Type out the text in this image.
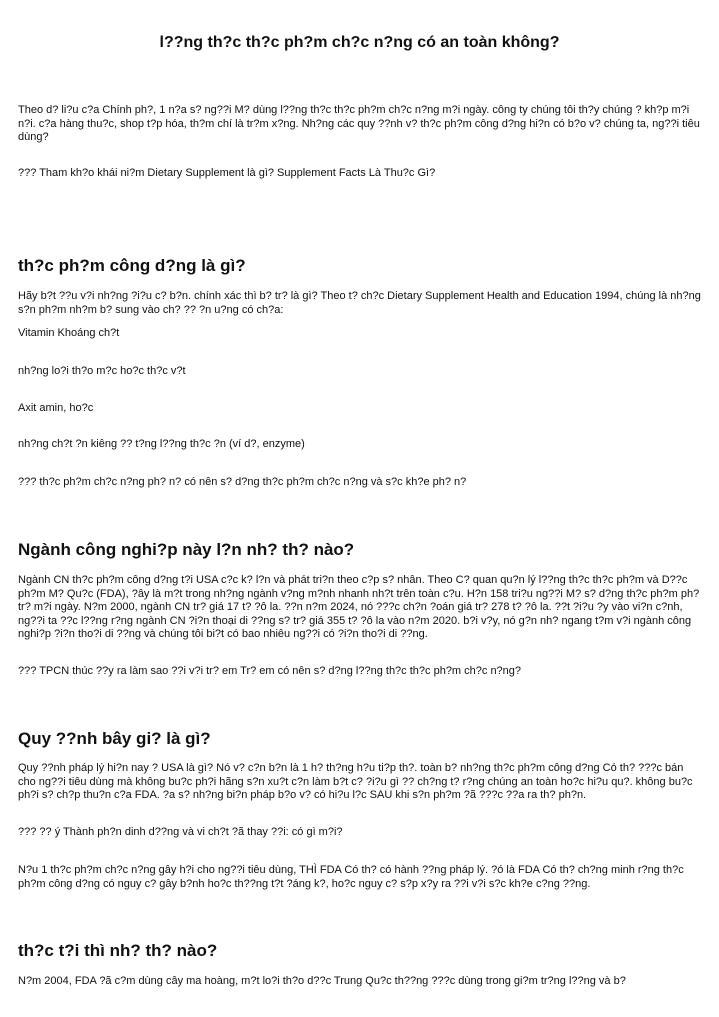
l??ng th?c th?c ph?m ch?c n?ng có an toàn không?

Theo d? li?u c?a Chính ph?, 1 n?a s? ng??i M? dùng l??ng th?c th?c ph?m ch?c n?ng m?i ngày. công ty chúng tôi th?y chúng ? kh?p m?i n?i. c?a hàng thu?c, shop t?p hóa, th?m chí là tr?m x?ng. Nh?ng các quy ??nh v? th?c ph?m công d?ng hi?n có b?o v? chúng ta, ng??i tiêu dùng?

??? Tham kh?o khái ni?m Dietary Supplement là gì? Supplement Facts Là Thu?c Gì?

th?c ph?m công d?ng là gì?

Hãy b?t ??u v?i nh?ng ?i?u c? b?n. chính xác thì b? tr? là gì? Theo t? ch?c Dietary Supplement Health and Education 1994, chúng là nh?ng s?n ph?m nh?m b? sung vào ch? ?? ?n u?ng có ch?a:

Vitamin Khoáng ch?t

nh?ng lo?i th?o m?c ho?c th?c v?t

Axit amin, ho?c

nh?ng ch?t ?n kiêng ?? t?ng l??ng th?c ?n (ví d?, enzyme)

??? th?c ph?m ch?c n?ng ph? n? có nên s? d?ng th?c ph?m ch?c n?ng và s?c kh?e ph? n?

Ngành công nghi?p này l?n nh? th? nào?

Ngành CN th?c ph?m công d?ng t?i USA c?c k? l?n và phát tri?n theo c?p s? nhân. Theo C? quan qu?n lý l??ng th?c th?c ph?m và D??c ph?m M? Qu?c (FDA), ?ây là m?t trong nh?ng ngành v?ng m?nh nhanh nh?t trên toàn c?u. H?n 158 tri?u ng??i M? s? d?ng th?c ph?m ph? tr? m?i ngày. N?m 2000, ngành CN tr? giá 17 t? ?ô la. ??n n?m 2024, nó ???c ch?n ?oán giá tr? 278 t? ?ô la. ??t ?i?u ?y vào vi?n c?nh, ng??i ta ??c l??ng r?ng ngành CN ?i?n thoại di ??ng s? tr? giá 355 t? ?ô la vào n?m 2020. b?i v?y, nó g?n nh? ngang t?m v?i ngành công nghi?p ?i?n tho?i di ??ng và chúng tôi bi?t có bao nhiêu ng??i có ?i?n tho?i di ??ng.

??? TPCN thúc ??y ra làm sao ??i v?i tr? em Tr? em có nên s? d?ng l??ng th?c th?c ph?m ch?c n?ng?

Quy ??nh bây gi? là gì?

Quy ??nh pháp lý hi?n nay ? USA là gì? Nó v? c?n b?n là 1 h? th?ng h?u ti?p th?. toàn b? nh?ng th?c ph?m công d?ng Có th? ???c bán cho ng??i tiêu dùng mà không bu?c ph?i hãng s?n xu?t c?n làm b?t c? ?i?u gì ?? ch?ng t? r?ng chúng an toàn ho?c hi?u qu?. không bu?c ph?i s? ch?p thu?n c?a FDA. ?a s? nh?ng bi?n pháp b?o v? có hi?u l?c SAU khi s?n ph?m ?ã ???c ??a ra th? ph?n.

??? ?? ý Thành ph?n dinh d??ng và vi ch?t ?ã thay ??i: có gì m?i?

N?u 1 th?c ph?m ch?c n?ng gây h?i cho ng??i tiêu dùng, THÌ FDA Có th? có hành ??ng pháp lý. ?ó là FDA Có th? ch?ng minh r?ng th?c ph?m công d?ng có nguy c? gây b?nh ho?c th??ng t?t ?áng k?, ho?c nguy c? s?p x?y ra ??i v?i s?c kh?e c?ng ??ng.

th?c t?i thì nh? th? nào?

N?m 2004, FDA ?ã c?m dùng cây ma hoàng, m?t lo?i th?o d??c Trung Qu?c th??ng ???c dùng trong gi?m tr?ng l??ng và b?
